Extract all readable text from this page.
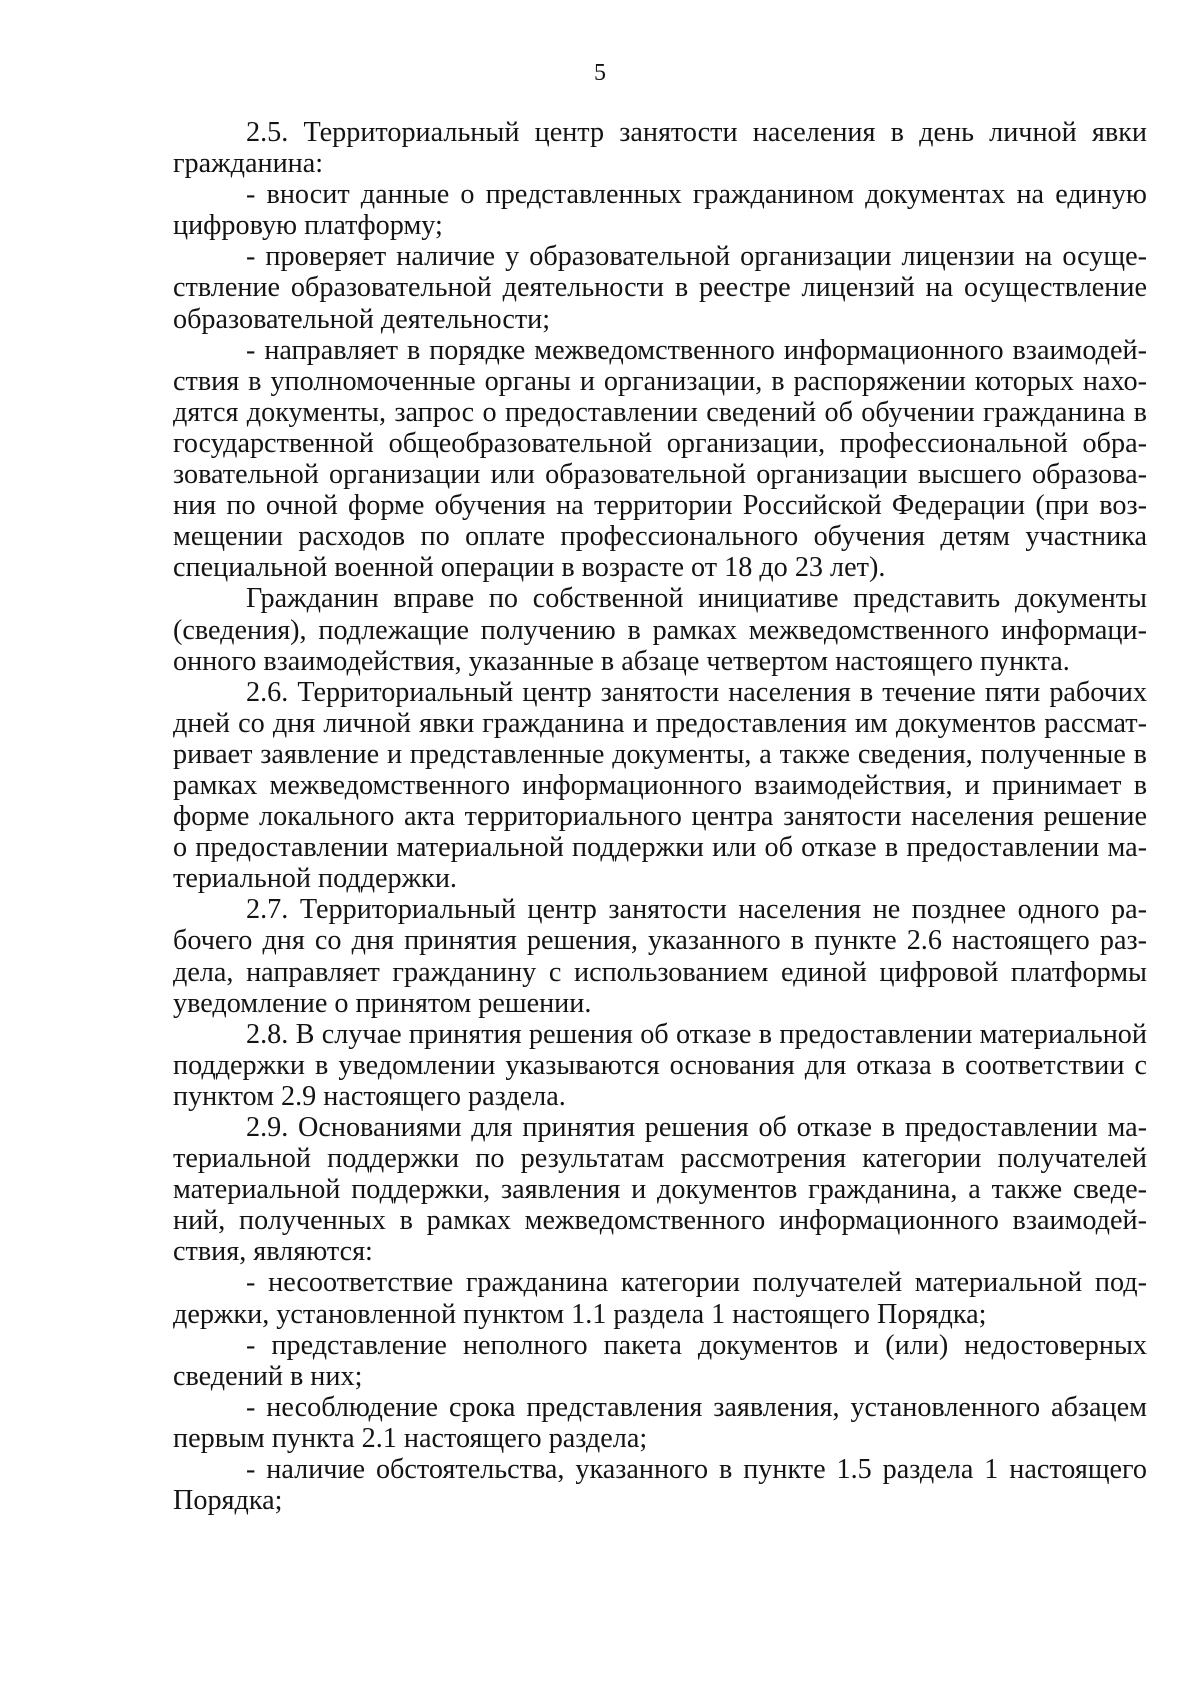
5

2.5. Территориальный центр занятости населения в день личной явки гражданина:

- вносит данные о представленных гражданином документах на единую цифровую платформу;

- проверяет наличие у образовательной организации лицензии на осуществление образовательной деятельности в реестре лицензий на осуществление образовательной деятельности;

- направляет в порядке межведомственного информационного взаимодействия в уполномоченные органы и организации, в распоряжении которых находятся документы, запрос о предоставлении сведений об обучении гражданина в государственной общеобразовательной организации, профессиональной образовательной организации или образовательной организации высшего образования по очной форме обучения на территории Российской Федерации (при возмещении расходов по оплате профессионального обучения детям участника специальной военной операции в возрасте от 18 до 23 лет).

Гражданин вправе по собственной инициативе представить документы (сведения), подлежащие получению в рамках межведомственного информационного взаимодействия, указанные в абзаце четвертом настоящего пункта.

2.6. Территориальный центр занятости населения в течение пяти рабочих дней со дня личной явки гражданина и предоставления им документов рассматривает заявление и представленные документы, а также сведения, полученные в рамках межведомственного информационного взаимодействия, и принимает в форме локального акта территориального центра занятости населения решение о предоставлении материальной поддержки или об отказе в предоставлении материальной поддержки.

2.7. Территориальный центр занятости населения не позднее одного рабочего дня со дня принятия решения, указанного в пункте 2.6 настоящего раздела, направляет гражданину с использованием единой цифровой платформы уведомление о принятом решении.

2.8. В случае принятия решения об отказе в предоставлении материальной поддержки в уведомлении указываются основания для отказа в соответствии с пунктом 2.9 настоящего раздела.

2.9. Основаниями для принятия решения об отказе в предоставлении материальной поддержки по результатам рассмотрения категории получателей материальной поддержки, заявления и документов гражданина, а также сведений, полученных в рамках межведомственного информационного взаимодействия, являются:

- несоответствие гражданина категории получателей материальной поддержки, установленной пунктом 1.1 раздела 1 настоящего Порядка;

- представление неполного пакета документов и (или) недостоверных сведений в них;

- несоблюдение срока представления заявления, установленного абзацем первым пункта 2.1 настоящего раздела;

- наличие обстоятельства, указанного в пункте 1.5 раздела 1 настоящего Порядка;
